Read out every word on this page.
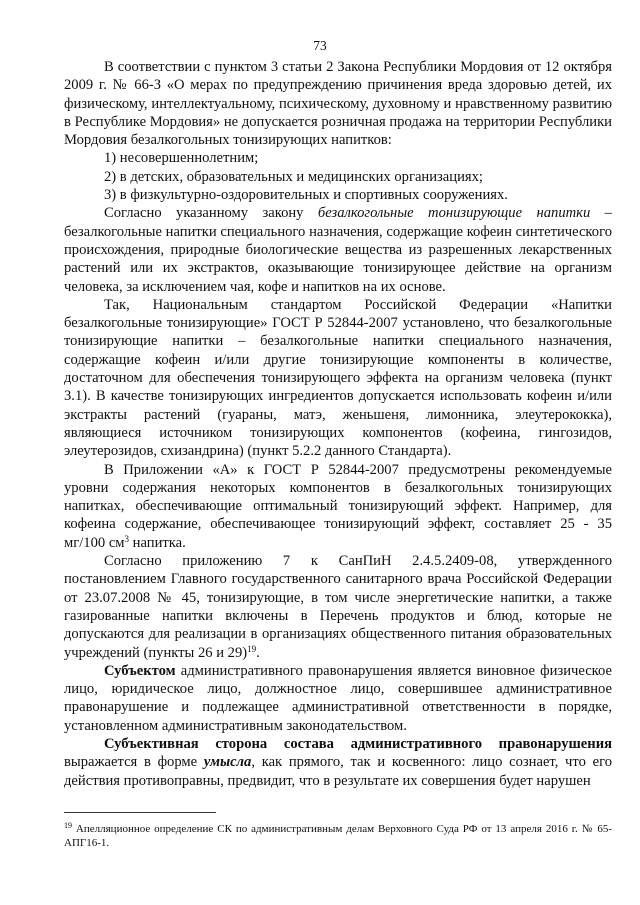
73

В соответствии с пунктом 3 статьи 2 Закона Республики Мордовия от 12 октября 2009 г. № 66-З «О мерах по предупреждению причинения вреда здоровью детей, их физическому, интеллектуальному, психическому, духовному и нравственному развитию в Республике Мордовия» не допускается розничная продажа на территории Республики Мордовия безалкогольных тонизирующих напитков:

1) несовершеннолетним;

2) в детских, образовательных и медицинских организациях;

3) в физкультурно-оздоровительных и спортивных сооружениях.

Согласно указанному закону безалкогольные тонизирующие напитки – безалкогольные напитки специального назначения, содержащие кофеин синтетического происхождения, природные биологические вещества из разрешенных лекарственных растений или их экстрактов, оказывающие тонизирующее действие на организм человека, за исключением чая, кофе и напитков на их основе.

Так, Национальным стандартом Российской Федерации «Напитки безалкогольные тонизирующие» ГОСТ Р 52844-2007 установлено, что безалкогольные тонизирующие напитки – безалкогольные напитки специального назначения, содержащие кофеин и/или другие тонизирующие компоненты в количестве, достаточном для обеспечения тонизирующего эффекта на организм человека (пункт 3.1). В качестве тонизирующих ингредиентов допускается использовать кофеин и/или экстракты растений (гуараны, матэ, женьшеня, лимонника, элеутерококка), являющиеся источником тонизирующих компонентов (кофеина, гингозидов, элеутерозидов, схизандрина) (пункт 5.2.2 данного Стандарта).

В Приложении «А» к ГОСТ Р 52844-2007 предусмотрены рекомендуемые уровни содержания некоторых компонентов в безалкогольных тонизирующих напитках, обеспечивающие оптимальный тонизирующий эффект. Например, для кофеина содержание, обеспечивающее тонизирующий эффект, составляет 25 - 35 мг/100 $см^3$ напитка.

Согласно приложению 7 к СанПиН 2.4.5.2409-08, утвержденного постановлением Главного государственного санитарного врача Российской Федерации от 23.07.2008 № 45, тонизирующие, в том числе энергетические напитки, а также газированные напитки включены в Перечень продуктов и блюд, которые не допускаются для реализации в организациях общественного питания образовательных учреждений (пункты 26 и 29)$^{19}$.

Субъектом административного правонарушения является виновное физическое лицо, юридическое лицо, должностное лицо, совершившее административное правонарушение и подлежащее административной ответственности в порядке, установленном административным законодательством.

Субъективная сторона состава административного правонарушения выражается в форме умысла, как прямого, так и косвенного: лицо сознает, что его действия противоправны, предвидит, что в результате их совершения будет нарушен

$^{19}$ Апелляционное определение СК по административным делам Верховного Суда РФ от 13 апреля 2016 г. № 65-АПГ16-1.
